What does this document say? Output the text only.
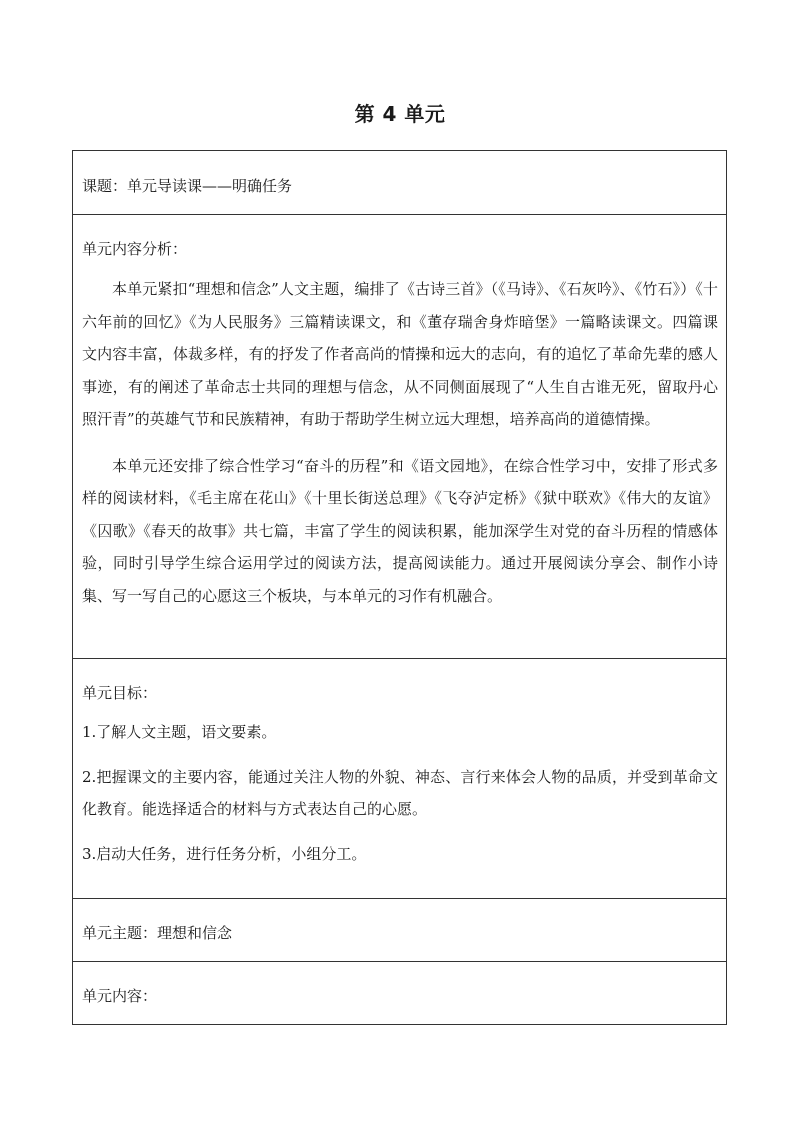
第 4 单元
课题：单元导读课——明确任务
单元内容分析：

本单元紧扣“理想和信念”人文主题，编排了《古诗三首》（《马诗》、《石灰吟》、《竹石》）《十六年前的回忆》《为人民服务》三篇精读课文，和《董存瑞舍身炸暗堡》一篇略读课文。四篇课文内容丰富，体裁多样，有的抒发了作者高尚的情操和远大的志向，有的追忆了革命先辈的感人事迹，有的阐述了革命志士共同的理想与信念，从不同侧面展现了“人生自古谁无死，留取丹心照汗青”的英雄气节和民族精神，有助于帮助学生树立远大理想，培养高尚的道德情操。

本单元还安排了综合性学习“奋斗的历程”和《语文园地》，在综合性学习中，安排了形式多样的阅读材料，《毛主席在花山》《十里长街送总理》《飞夺泸定桥》《狱中联欢》《伟大的友谊》《囚歌》《春天的故事》共七篇，丰富了学生的阅读积累，能加深学生对党的奋斗历程的情感体验，同时引导学生综合运用学过的阅读方法，提高阅读能力。通过开展阅读分享会、制作小诗集、写一写自己的心愿这三个板块，与本单元的习作有机融合。

单元目标：

1.了解人文主题，语文要素。

2.把握课文的主要内容，能通过关注人物的外貌、神态、言行来体会人物的品质，并受到革命文化教育。能选择适合的材料与方式表达自己的心愿。

3.启动大任务，进行任务分析，小组分工。

单元主题：理想和信念
单元内容：
